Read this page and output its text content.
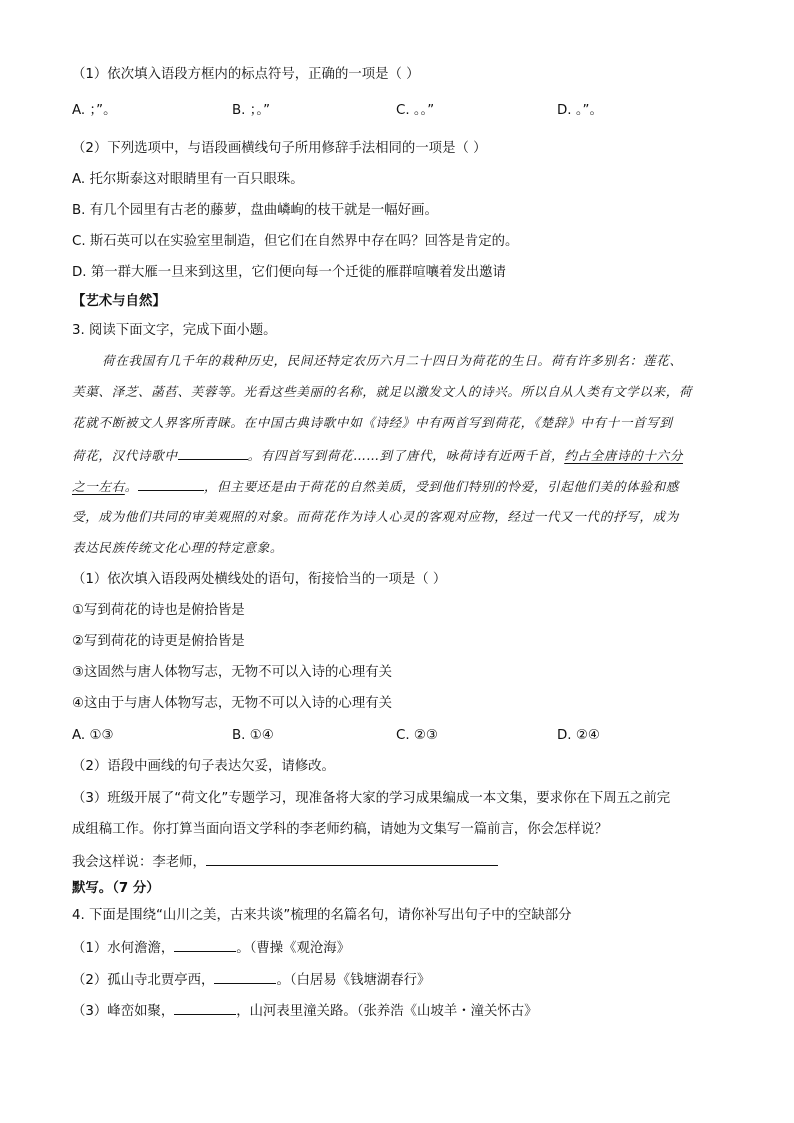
（1）依次填入语段方框内的标点符号，正确的一项是（ ）
A. ；”。	B. ；。”	C. 。。”	D. 。”。
（2）下列选项中，与语段画横线句子所用修辞手法相同的一项是（ ）
A. 托尔斯泰这对眼睛里有一百只眼珠。
B. 有几个园里有古老的藤萝，盘曲嶙峋的枝干就是一幅好画。
C. 斯石英可以在实验室里制造，但它们在自然界中存在吗？回答是肯定的。
D. 第一群大雁一旦来到这里，它们便向每一个迁徙的雁群喧嚷着发出邀请
【艺术与自然】
3. 阅读下面文字，完成下面小题。
荷在我国有几千年的栽种历史，民间还特定农历六月二十四日为荷花的生日。荷有许多别名：莲花、
芙蕖、泽芝、菡萏、芙蓉等。光看这些美丽的名称，就足以激发文人的诗兴。所以自从人类有文学以来，荷
花就不断被文人界客所青睐。在中国古典诗歌中如《诗经》中有两首写到荷花，《楚辞》中有十一首写到
荷花，汉代诗歌中	。有四首写到荷花……到了唐代，咏荷诗有近两千首，约占全唐诗的十六分
之一左右。	，但主要还是由于荷花的自然美质，受到他们特别的怜爱，引起他们美的体验和感
受，成为他们共同的审美观照的对象。而荷花作为诗人心灵的客观对应物，经过一代又一代的抒写，成为
表达民族传统文化心理的特定意象。
（1）依次填入语段两处横线处的语句，衔接恰当的一项是（ ）
①写到荷花的诗也是俯拾皆是
②写到荷花的诗更是俯拾皆是
③这固然与唐人体物写志，无物不可以入诗的心理有关
④这由于与唐人体物写志，无物不可以入诗的心理有关
A. ①③	B. ①④	C. ②③	D. ②④
（2）语段中画线的句子表达欠妥，请修改。
（3）班级开展了“荷文化”专题学习，现准备将大家的学习成果编成一本文集，要求你在下周五之前完
成组稿工作。你打算当面向语文学科的李老师约稿，请她为文集写一篇前言，你会怎样说？
我会这样说：李老师，
默写。（7 分）
4. 下面是围绕“山川之美，古来共谈”梳理的名篇名句，请你补写出句子中的空缺部分
（1）水何澹澹，	。（曹操《观沧海》
（2）孤山寺北贾亭西，	。（白居易《钱塘湖春行》
（3）峰峦如聚，	，山河表里潼关路。（张养浩《山坡羊・潼关怀古》
